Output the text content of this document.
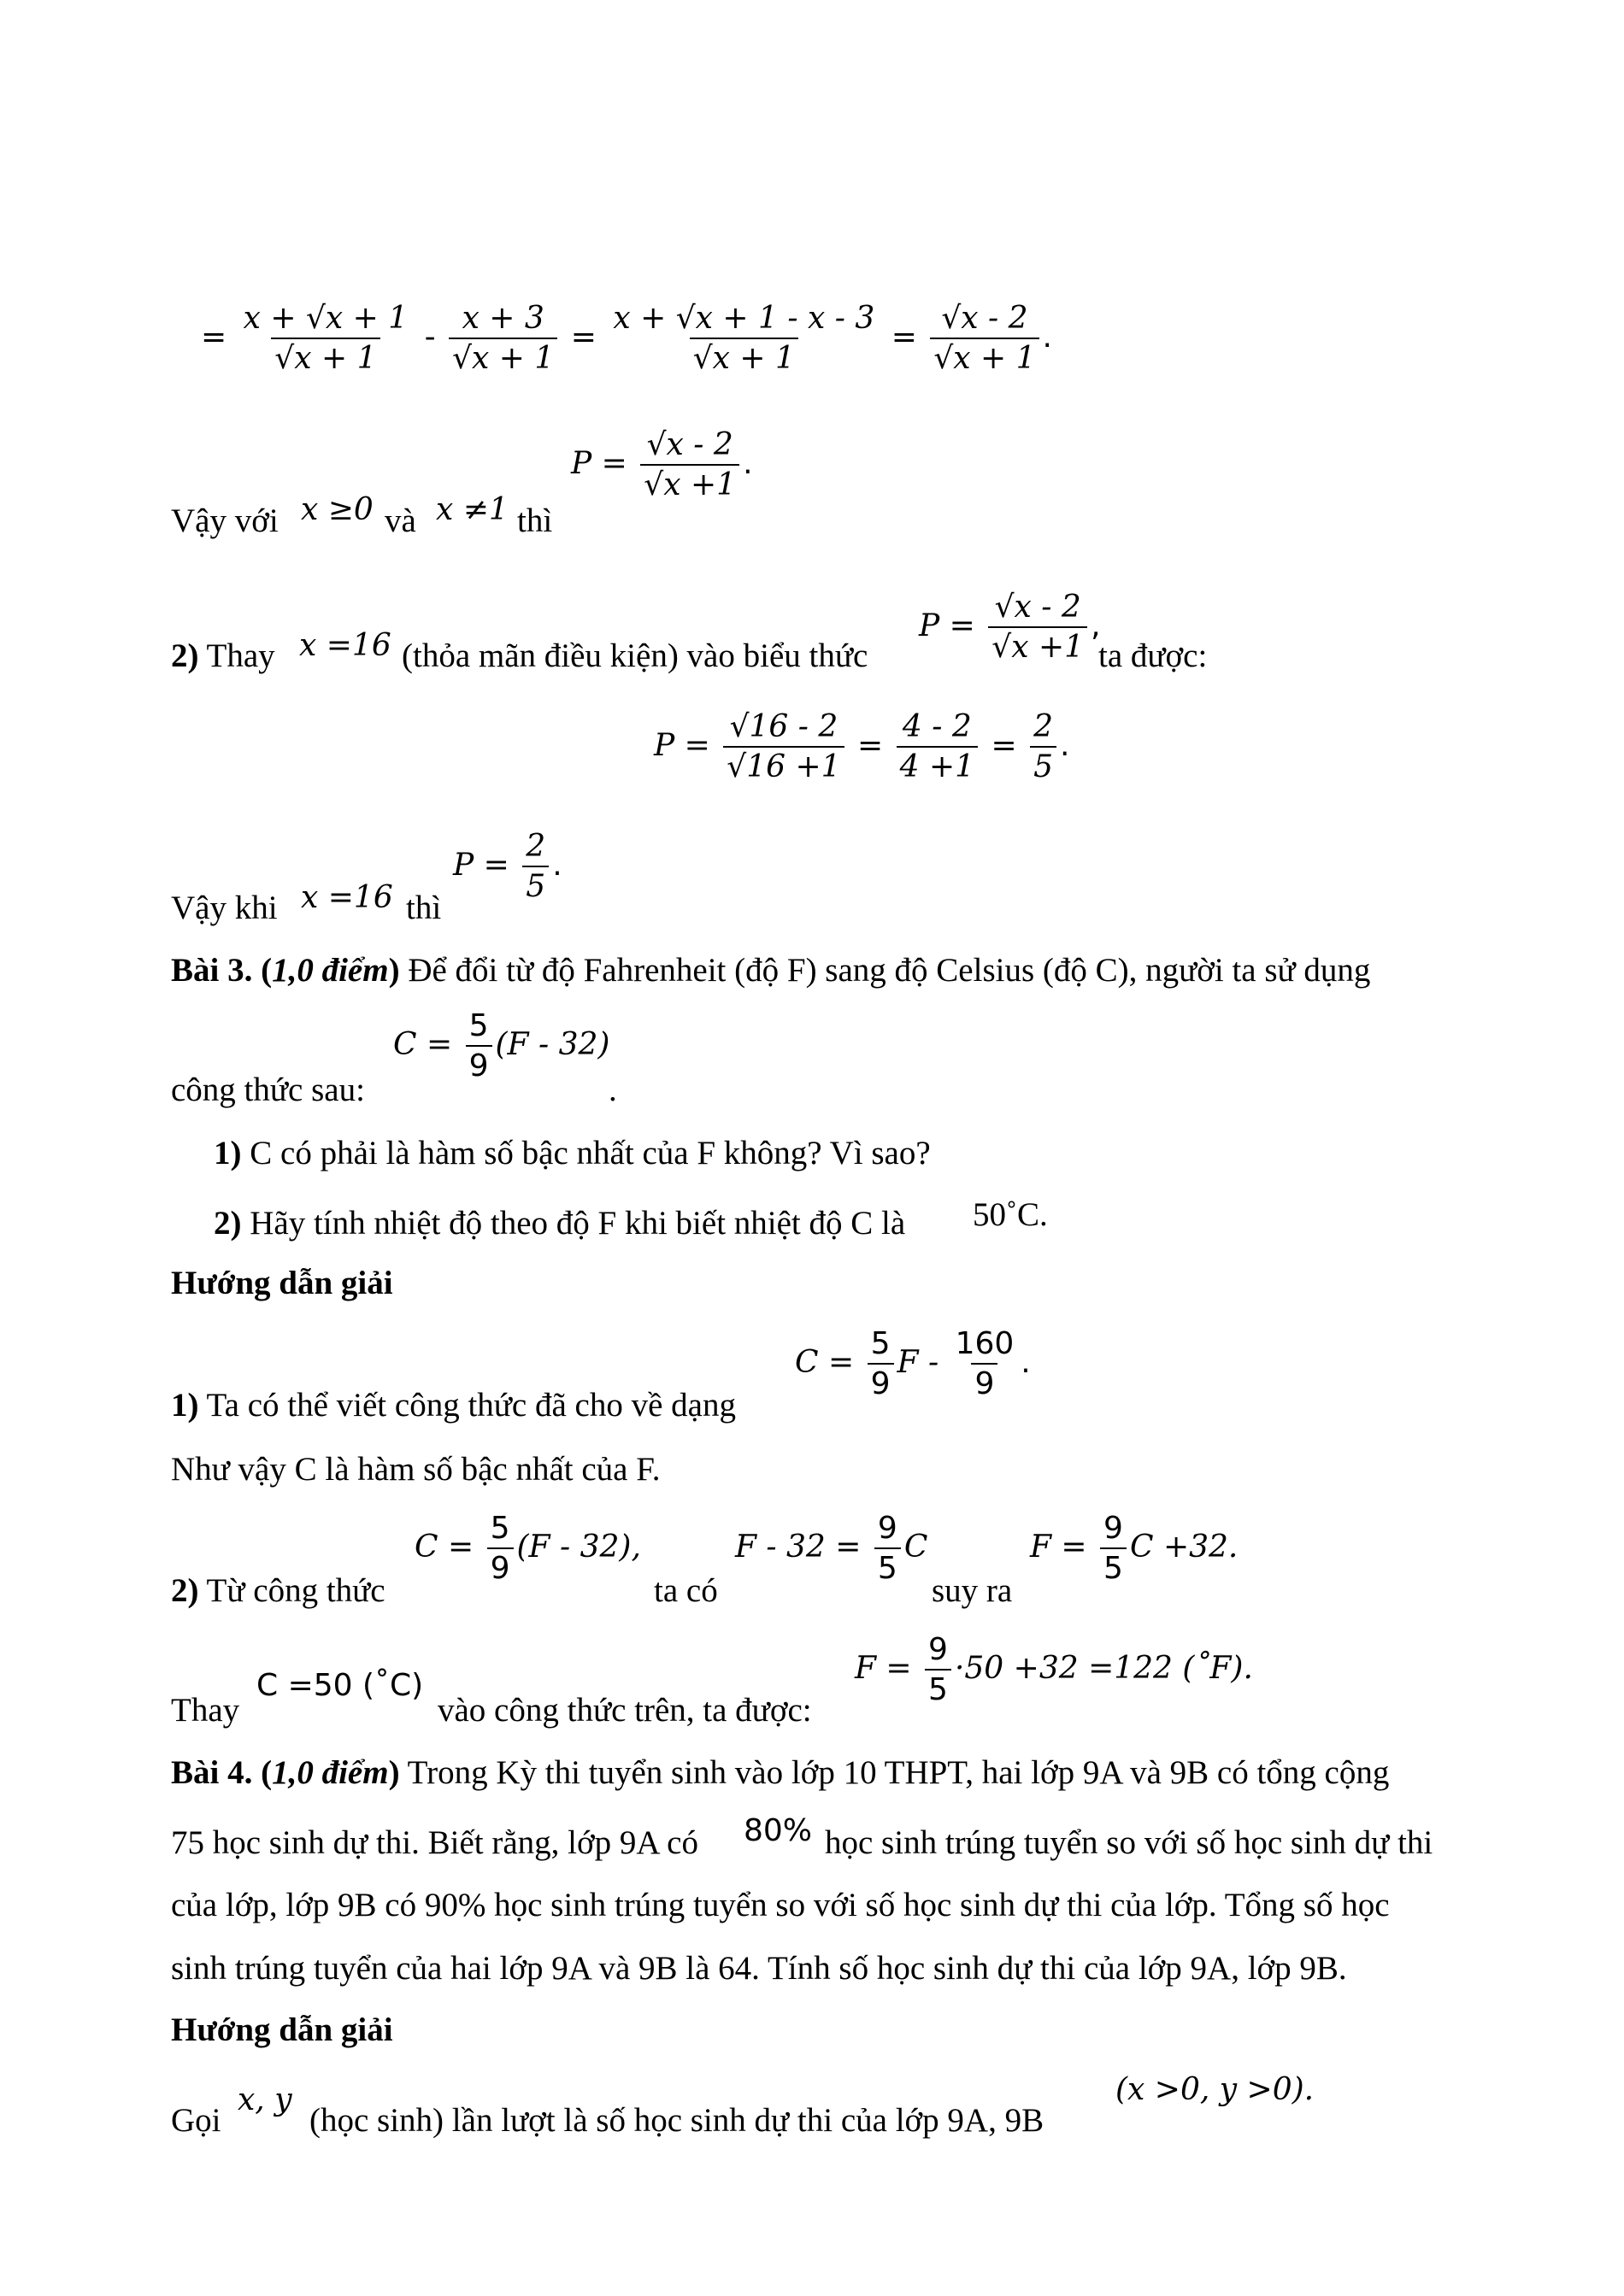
= $\frac{x + √x + 1}{√x + 1} - \frac{x + 3}{√x + 1} = \frac{x + √x + 1 - x - 3}{√x + 1} = \frac{√x - 2}{√x + 1}$ .
Vậy với x ≥0 và x ≠1 thì
$P = \frac{√x - 2}{√x +1}$ .
2) Thay x =16 (thỏa mãn điều kiện) vào biểu thức
$P = \frac{√x - 2}{√x +1}$ ,
ta được:
$P = \frac{√16 - 2}{√16 +1} = \frac{4 - 2}{4 +1} = \frac{2}{5}$ .
Vậy khi x =16 thì
$P = \frac{2}{5}$ .
Bài 3. (1,0 điểm) Để đổi từ độ Fahrenheit (độ F) sang độ Celsius (độ C), người ta sử dụng
công thức sau:
$C = \frac{5}{9} (F - 32)$
.
1) C có phải là hàm số bậc nhất của F không? Vì sao?
2) Hãy tính nhiệt độ theo độ F khi biết nhiệt độ C là 50˚C.
Hướng dẫn giải
1) Ta có thể viết công thức đã cho về dạng
$C = \frac{5}{9}$ F - $\frac{160}{9}$ .
Như vậy C là hàm số bậc nhất của F.
2) Từ công thức
$C = \frac{5}{9} (F - 32)$,
ta có
$F - 32 = \frac{9}{5}$ C
suy ra
$F = \frac{9}{5}$ C +32.
Thay
C =50 (˚C)
vào công thức trên, ta được:
$F = \frac{9}{5} \cdot 50 +32 =122$ (˚F).
Bài 4. (1,0 điểm) Trong Kỳ thi tuyển sinh vào lớp 10 THPT, hai lớp 9A và 9B có tổng cộng
75 học sinh dự thi. Biết rằng, lớp 9A có 80% học sinh trúng tuyển so với số học sinh dự thi
của lớp, lớp 9B có 90% học sinh trúng tuyển so với số học sinh dự thi của lớp. Tổng số học
sinh trúng tuyển của hai lớp 9A và 9B là 64. Tính số học sinh dự thi của lớp 9A, lớp 9B.
Hướng dẫn giải
Gọi
x, y
(học sinh) lần lượt là số học sinh dự thi của lớp 9A, 9B
(x >0, y >0).
